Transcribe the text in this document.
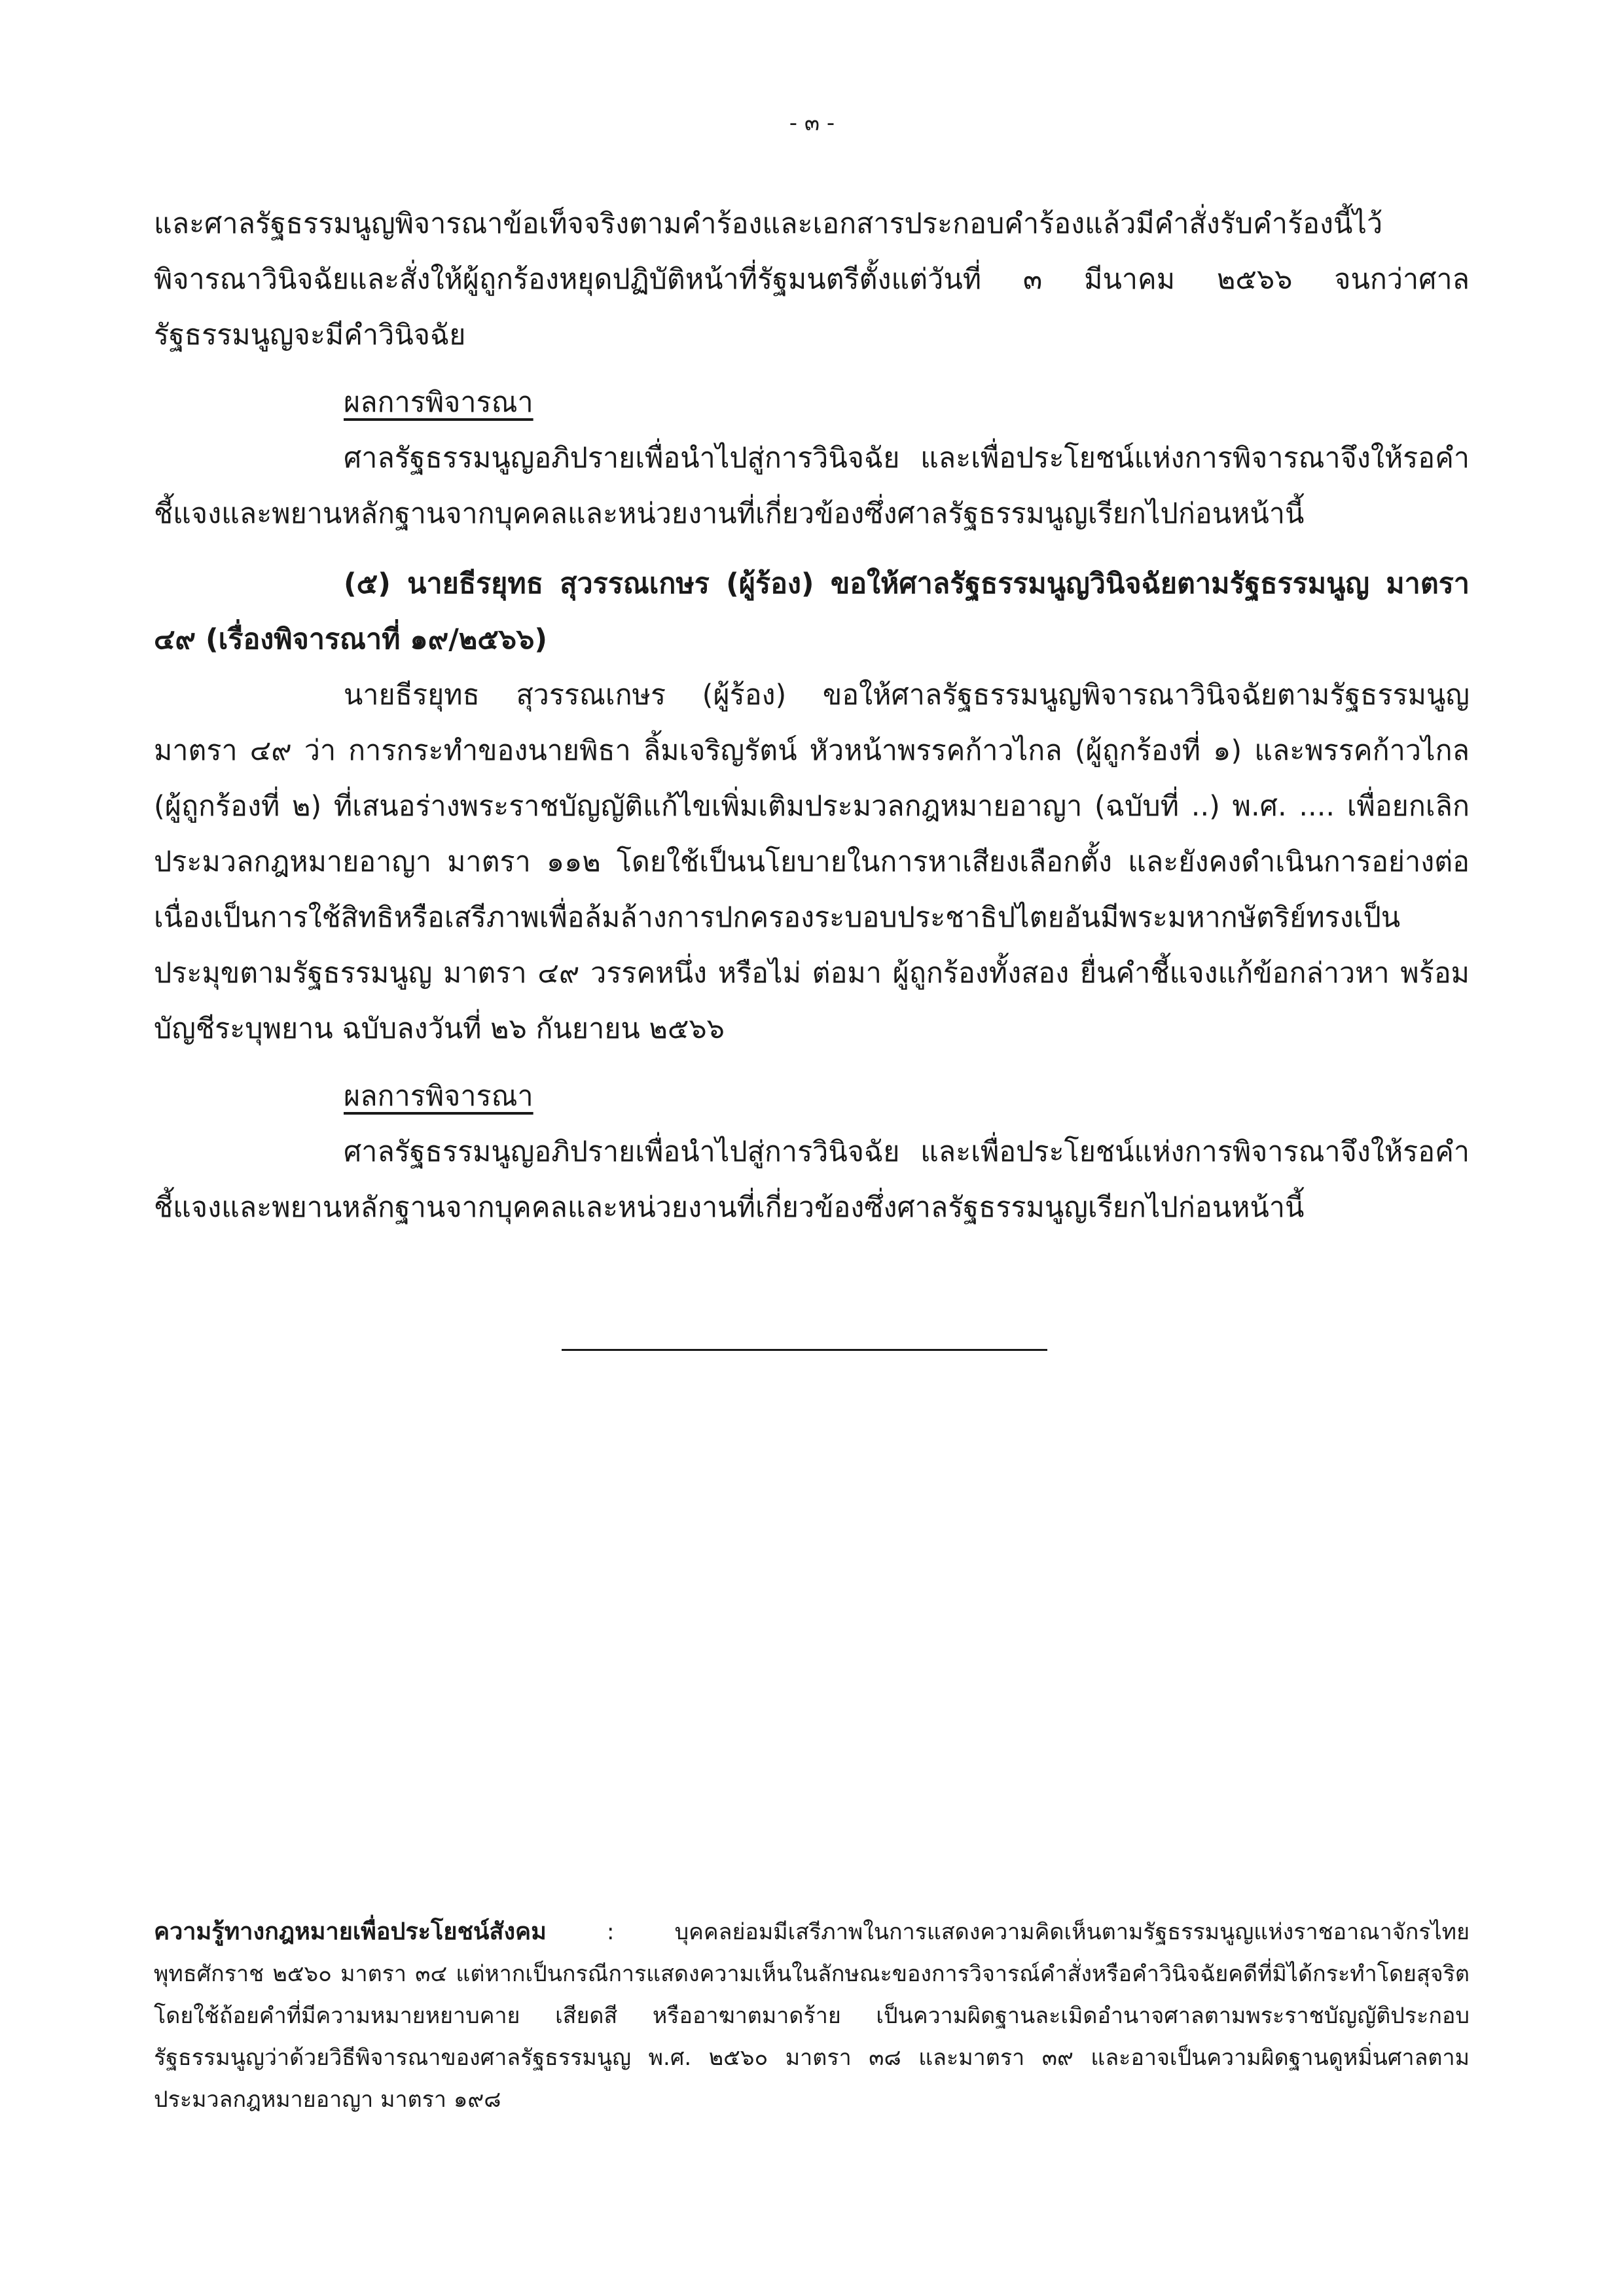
- ๓ -

และศาลรัฐธรรมนูญพิจารณาข้อเท็จจริงตามคำร้องและเอกสารประกอบคำร้องแล้วมีคำสั่งรับคำร้องนี้ไว้พิจารณาวินิจฉัยและสั่งให้ผู้ถูกร้องหยุดปฏิบัติหน้าที่รัฐมนตรีตั้งแต่วันที่ ๓ มีนาคม ๒๕๖๖ จนกว่าศาลรัฐธรรมนูญจะมีคำวินิจฉัย

ผลการพิจารณา

ศาลรัฐธรรมนูญอภิปรายเพื่อนำไปสู่การวินิจฉัย และเพื่อประโยชน์แห่งการพิจารณาจึงให้รอคำชี้แจงและพยานหลักฐานจากบุคคลและหน่วยงานที่เกี่ยวข้องซึ่งศาลรัฐธรรมนูญเรียกไปก่อนหน้านี้

(๕) นายธีรยุทธ สุวรรณเกษร (ผู้ร้อง) ขอให้ศาลรัฐธรรมนูญวินิจฉัยตามรัฐธรรมนูญ มาตรา ๔๙ (เรื่องพิจารณาที่ ๑๙/๒๕๖๖)

นายธีรยุทธ สุวรรณเกษร (ผู้ร้อง) ขอให้ศาลรัฐธรรมนูญพิจารณาวินิจฉัยตามรัฐธรรมนูญ มาตรา ๔๙ ว่า การกระทำของนายพิธา ลิ้มเจริญรัตน์ หัวหน้าพรรคก้าวไกล (ผู้ถูกร้องที่ ๑) และพรรคก้าวไกล (ผู้ถูกร้องที่ ๒) ที่เสนอร่างพระราชบัญญัติแก้ไขเพิ่มเติมประมวลกฎหมายอาญา (ฉบับที่ ..) พ.ศ. .... เพื่อยกเลิกประมวลกฎหมายอาญา มาตรา ๑๑๒ โดยใช้เป็นนโยบายในการหาเสียงเลือกตั้ง และยังคงดำเนินการอย่างต่อเนื่องเป็นการใช้สิทธิหรือเสรีภาพเพื่อล้มล้างการปกครองระบอบประชาธิปไตยอันมีพระมหากษัตริย์ทรงเป็นประมุขตามรัฐธรรมนูญ มาตรา ๔๙ วรรคหนึ่ง หรือไม่ ต่อมา ผู้ถูกร้องทั้งสอง ยื่นคำชี้แจงแก้ข้อกล่าวหา พร้อมบัญชีระบุพยาน ฉบับลงวันที่ ๒๖ กันยายน ๒๕๖๖

ผลการพิจารณา

ศาลรัฐธรรมนูญอภิปรายเพื่อนำไปสู่การวินิจฉัย และเพื่อประโยชน์แห่งการพิจารณาจึงให้รอคำชี้แจงและพยานหลักฐานจากบุคคลและหน่วยงานที่เกี่ยวข้องซึ่งศาลรัฐธรรมนูญเรียกไปก่อนหน้านี้

ความรู้ทางกฎหมายเพื่อประโยชน์สังคม : บุคคลย่อมมีเสรีภาพในการแสดงความคิดเห็นตามรัฐธรรมนูญแห่งราชอาณาจักรไทย พุทธศักราช ๒๕๖๐ มาตรา ๓๔ แต่หากเป็นกรณีการแสดงความเห็นในลักษณะของการวิจารณ์คำสั่งหรือคำวินิจฉัยคดีที่มิได้กระทำโดยสุจริต โดยใช้ถ้อยคำที่มีความหมายหยาบคาย เสียดสี หรืออาฆาตมาดร้าย เป็นความผิดฐานละเมิดอำนาจศาลตามพระราชบัญญัติประกอบรัฐธรรมนูญว่าด้วยวิธีพิจารณาของศาลรัฐธรรมนูญ พ.ศ. ๒๕๖๐ มาตรา ๓๘ และมาตรา ๓๙ และอาจเป็นความผิดฐานดูหมิ่นศาลตามประมวลกฎหมายอาญา มาตรา ๑๙๘
